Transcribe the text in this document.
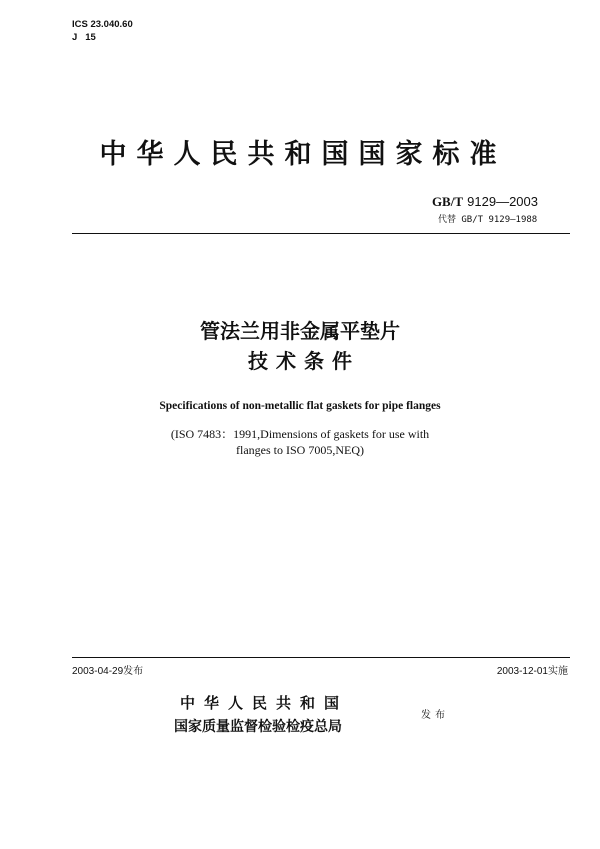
ICS 23.040.60
J   15
中华人民共和国国家标准
GB/T 9129—2003
代替 GB/T 9129—1988
管法兰用非金属平垫片
技术条件
Specifications of non-metallic flat gaskets for pipe flanges
(ISO 7483：1991,Dimensions of gaskets for use with
flanges to ISO 7005,NEQ)
2003-04-29发布	2003-12-01实施
中华人民共和国
国家质量监督检验检疫总局
发布
